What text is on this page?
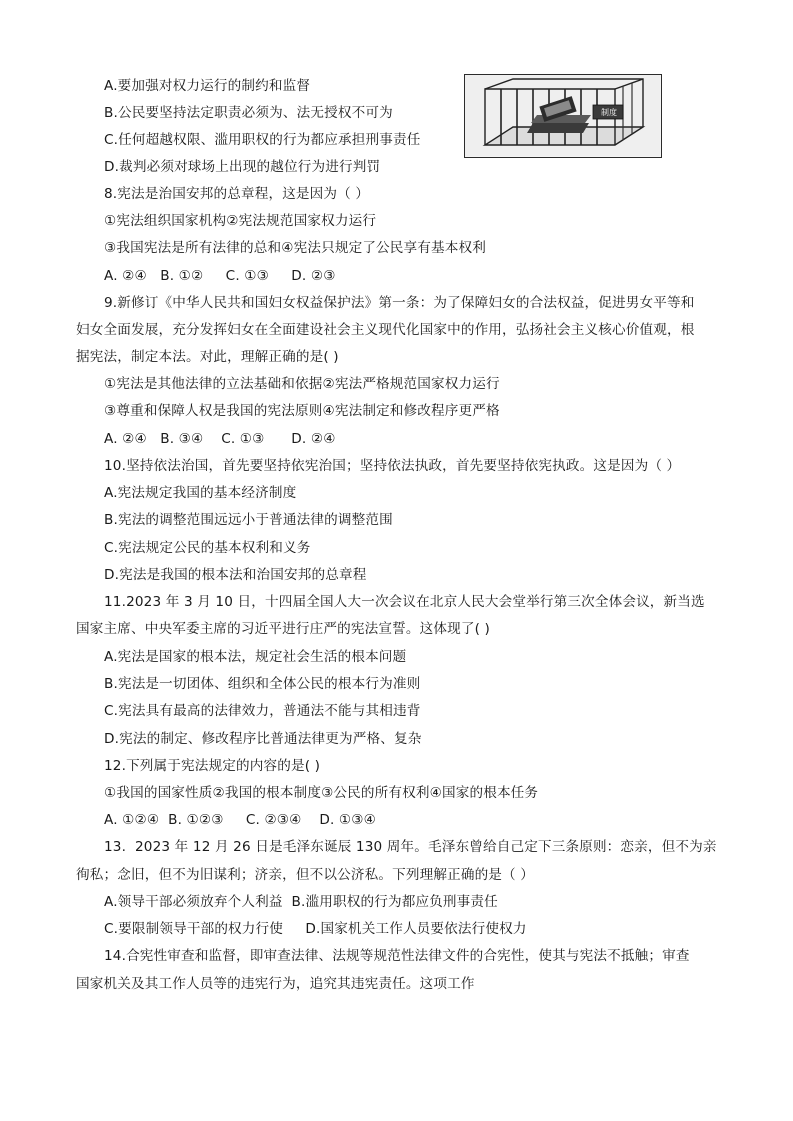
A.要加强对权力运行的制约和监督
B.公民要坚持法定职责必须为、法无授权不可为
C.任何超越权限、滥用职权的行为都应承担刑事责任
D.裁判必须对球场上出现的越位行为进行判罚
制度
8.宪法是治国安邦的总章程，这是因为（ ）
①宪法组织国家机构②宪法规范国家权力运行
③我国宪法是所有法律的总和④宪法只规定了公民享有基本权利
A. ②④   B. ①②     C. ①③     D. ②③
9.新修订《中华人民共和国妇女权益保护法》第一条：为了保障妇女的合法权益，促进男女平等和
妇女全面发展，充分发挥妇女在全面建设社会主义现代化国家中的作用，弘扬社会主义核心价值观，根
据宪法，制定本法。对此，理解正确的是( )
①宪法是其他法律的立法基础和依据②宪法严格规范国家权力运行
③尊重和保障人权是我国的宪法原则④宪法制定和修改程序更严格
A. ②④   B. ③④    C. ①③      D. ②④
10.坚持依法治国，首先要坚持依宪治国；坚持依法执政，首先要坚持依宪执政。这是因为（ ）
A.宪法规定我国的基本经济制度
B.宪法的调整范围远远小于普通法律的调整范围
C.宪法规定公民的基本权利和义务
D.宪法是我国的根本法和治国安邦的总章程
11.2023 年 3 月 10 日，十四届全国人大一次会议在北京人民大会堂举行第三次全体会议，新当选
国家主席、中央军委主席的习近平进行庄严的宪法宣誓。这体现了( )
A.宪法是国家的根本法，规定社会生活的根本问题
B.宪法是一切团体、组织和全体公民的根本行为准则
C.宪法具有最高的法律效力，普通法不能与其相违背
D.宪法的制定、修改程序比普通法律更为严格、复杂
12.下列属于宪法规定的内容的是( )
①我国的国家性质②我国的根本制度③公民的所有权利④国家的根本任务
A. ①②④  B. ①②③     C. ②③④    D. ①③④
13.  2023 年 12 月 26 日是毛泽东诞辰 130 周年。毛泽东曾给自己定下三条原则：恋亲，但不为亲
徇私；念旧，但不为旧谋利；济亲，但不以公济私。下列理解正确的是（ ）
A.领导干部必须放弃个人利益  B.滥用职权的行为都应负刑事责任
C.要限制领导干部的权力行使     D.国家机关工作人员要依法行使权力
14.合宪性审查和监督，即审查法律、法规等规范性法律文件的合宪性，使其与宪法不抵触；审查
国家机关及其工作人员等的违宪行为，追究其违宪责任。这项工作
